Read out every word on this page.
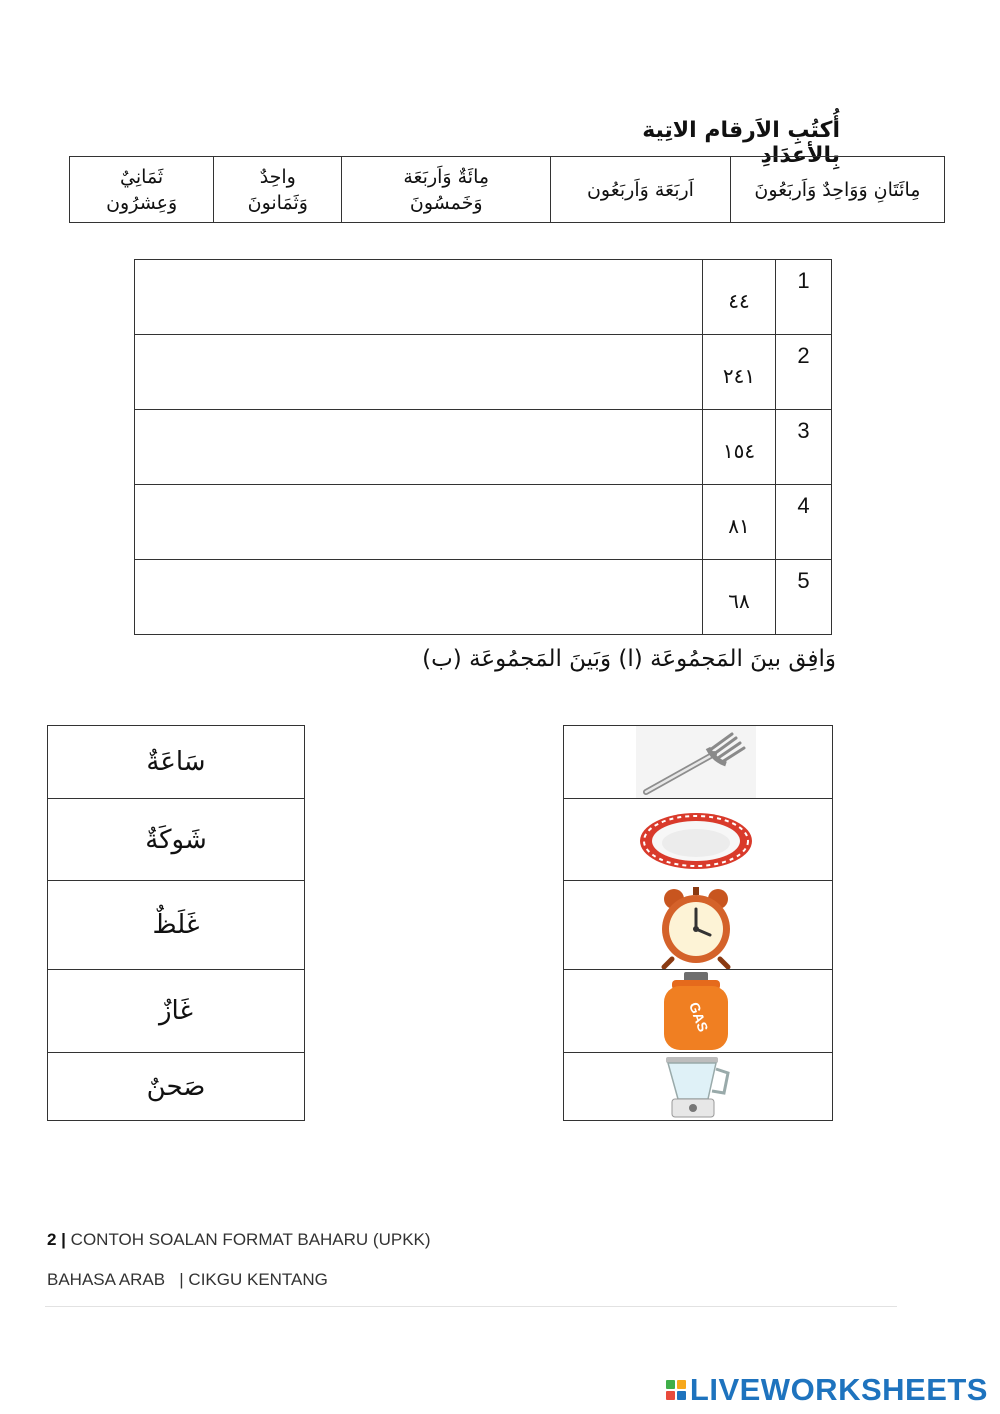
أُكتُبِ الاَرقام الاتِية بِالأعدَادِ
مِائَتَانِ وَوَاحِدٌ وَاَربَعُونَ

اَربَعَة وَاَربَعُون

مِائَةٌ وَاَربَعَة
وَخَمسُونَ

واحِدٌ
وَثَمَانونَ

ثَمَانِيٌ
وَعِشرُون
1	٤٤	
2	٢٤١	
3	١٥٤	
4	٨١	
5	٦٨	
وَافِق بينَ المَجمُوعَة (ا) وَبَينَ المَجمُوعَة (ب)
سَاعَةٌ
شَوكَةٌ
غَلَظٌ
غَازٌ
صَحنٌ

GAS

2 | CONTOH SOALAN FORMAT BAHARU (UPKK)
BAHASA ARAB   | CIKGU KENTANG
LIVEWORKSHEETS
